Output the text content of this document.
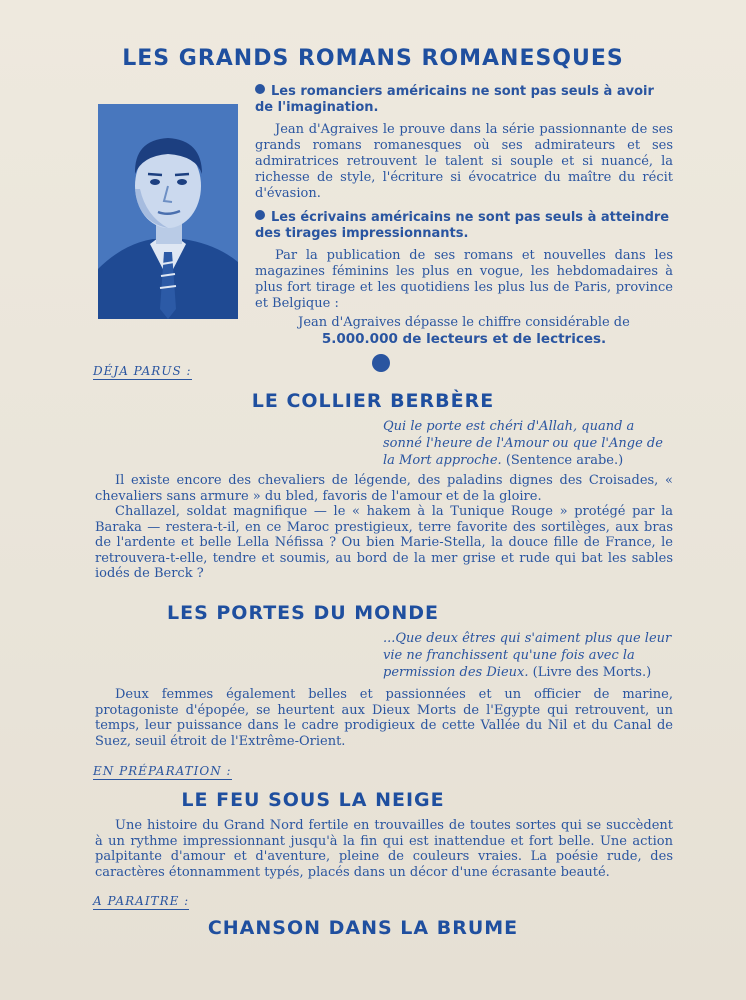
LES GRANDS ROMANS ROMANESQUES
Les romanciers américains ne sont pas seuls à avoir de l'imagination.

Jean d'Agraives le prouve dans la série passionnante de ses grands romans romanesques où ses admirateurs et ses admiratrices retrouvent le talent si souple et si nuancé, la richesse de style, l'écriture si évocatrice du maître du récit d'évasion.

Les écrivains américains ne sont pas seuls à atteindre des tirages impressionnants.

Par la publication de ses romans et nouvelles dans les magazines féminins les plus en vogue, les hebdomadaires à plus fort tirage et les quotidiens les plus lus de Paris, province et Belgique :

Jean d'Agraives dépasse le chiffre considérable de

5.000.000 de lecteurs et de lectrices.
DÉJA PARUS :
LE COLLIER BERBÈRE
Qui le porte est chéri d'Allah, quand a sonné l'heure de l'Amour ou que l'Ange de la Mort approche. (Sentence arabe.)

Il existe encore des chevaliers de légende, des paladins dignes des Croisades, « chevaliers sans armure » du bled, favoris de l'amour et de la gloire.

Challazel, soldat magnifique — le « hakem à la Tunique Rouge » protégé par la Baraka — restera-t-il, en ce Maroc prestigieux, terre favorite des sortilèges, aux bras de l'ardente et belle Lella Néfissa ? Ou bien Marie-Stella, la douce fille de France, le retrouvera-t-elle, tendre et soumis, au bord de la mer grise et rude qui bat les sables iodés de Berck ?

LES PORTES DU MONDE
...Que deux êtres qui s'aiment plus que leur vie ne franchissent qu'une fois avec la permission des Dieux. (Livre des Morts.)

Deux femmes également belles et passionnées et un officier de marine, protagoniste d'épopée, se heurtent aux Dieux Morts de l'Egypte qui retrouvent, un temps, leur puissance dans le cadre prodigieux de cette Vallée du Nil et du Canal de Suez, seuil étroit de l'Extrême-Orient.

EN PRÉPARATION :
LE FEU SOUS LA NEIGE

Une histoire du Grand Nord fertile en trouvailles de toutes sortes qui se succèdent à un rythme impressionnant jusqu'à la fin qui est inattendue et fort belle. Une action palpitante d'amour et d'aventure, pleine de couleurs vraies. La poésie rude, des caractères étonnamment typés, placés dans un décor d'une écrasante beauté.

A PARAITRE :
CHANSON DANS LA BRUME
